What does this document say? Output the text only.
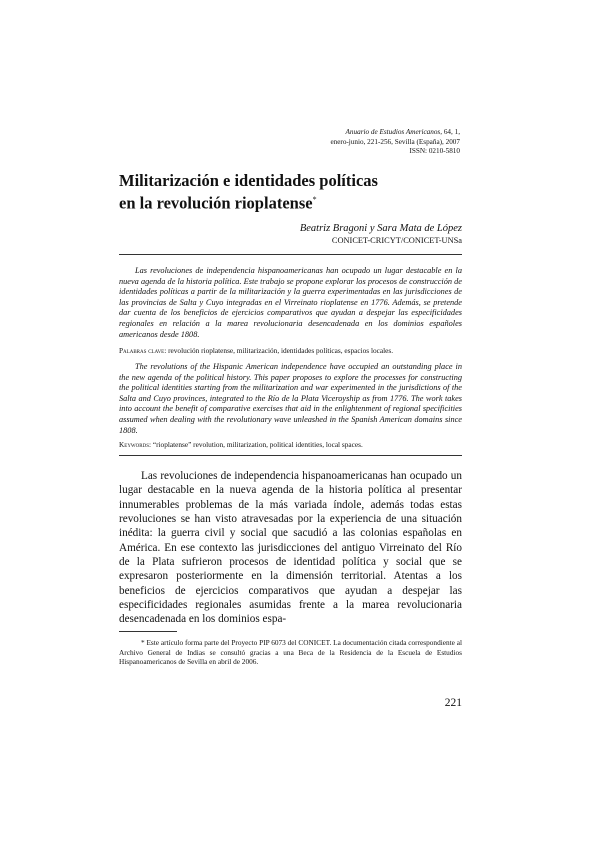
Anuario de Estudios Americanos, 64, 1,
enero-junio, 221-256, Sevilla (España), 2007
ISSN: 0210-5810
Militarización e identidades políticas
en la revolución rioplatense*
Beatriz Bragoni y Sara Mata de López
CONICET-CRICYT/CONICET-UNSa

Las revoluciones de independencia hispanoamericanas han ocupado un lugar destacable en la nueva agenda de la historia política. Este trabajo se propone explorar los procesos de construcción de identidades políticas a partir de la militarización y la guerra experimentadas en las jurisdicciones de las provincias de Salta y Cuyo integradas en el Virreinato rioplatense en 1776. Además, se pretende dar cuenta de los beneficios de ejercicios comparativos que ayudan a despejar las especificidades regionales en relación a la marea revolucionaria desencadenada en los dominios españoles americanos desde 1808.

Palabras clave: revolución rioplatense, militarización, identidades políticas, espacios locales.

The revolutions of the Hispanic American independence have occupied an outstanding place in the new agenda of the political history. This paper proposes to explore the processes for constructing the political identities starting from the militarization and war experimented in the jurisdictions of the Salta and Cuyo provinces, integrated to the Río de la Plata Viceroyship as from 1776. The work takes into account the benefit of comparative exercises that aid in the enlightenment of regional specificities assumed when dealing with the revolutionary wave unleashed in the Spanish American domains since 1808.

Keywords: “rioplatense” revolution, militarization, political identities, local spaces.

Las revoluciones de independencia hispanoamericanas han ocupado un lugar destacable en la nueva agenda de la historia política al presentar innumerables problemas de la más variada índole, además todas estas revoluciones se han visto atravesadas por la experiencia de una situación inédita: la guerra civil y social que sacudió a las colonias españolas en América. En ese contexto las jurisdicciones del antiguo Virreinato del Río de la Plata sufrieron procesos de identidad política y social que se expresaron posteriormente en la dimensión territorial. Atentas a los beneficios de ejercicios comparativos que ayudan a despejar las especificidades regionales asumidas frente a la marea revolucionaria desencadenada en los dominios espa-

* Este artículo forma parte del Proyecto PIP 6073 del CONICET. La documentación citada correspondiente al Archivo General de Indias se consultó gracias a una Beca de la Residencia de la Escuela de Estudios Hispanoamericanos de Sevilla en abril de 2006.

221
